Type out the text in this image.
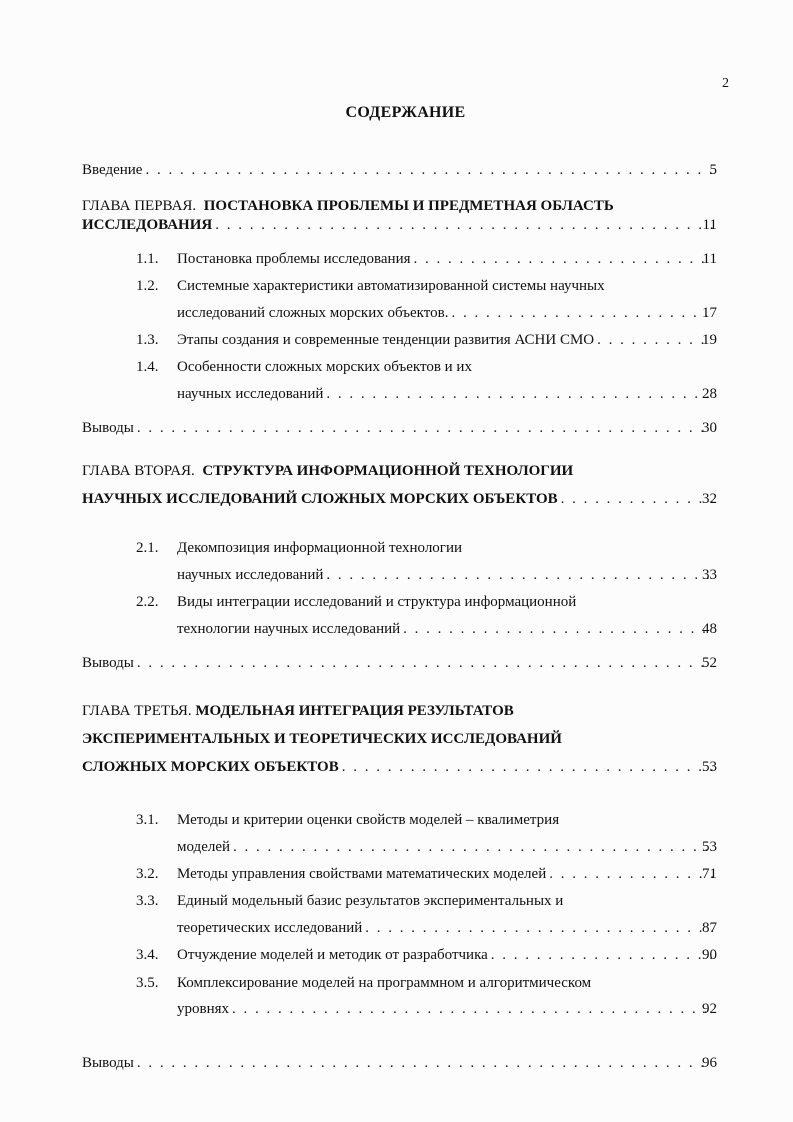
2
СОДЕРЖАНИЕ
Введение . . .	5
ГЛАВА ПЕРВАЯ. ПОСТАНОВКА ПРОБЛЕМЫ И ПРЕДМЕТНАЯ ОБЛАСТЬ
ИССЛЕДОВАНИЯ . . .	11
1.1. Постановка проблемы исследования . . .	11
1.2. Системные характеристики автоматизированной системы научных
исследований сложных морских объектов. . . .	17
1.3. Этапы создания и современные тенденции развития АСНИ СМО . . .	19
1.4. Особенности сложных морских объектов и их
научных исследований . . .	28
Выводы . . .	30
ГЛАВА ВТОРАЯ. СТРУКТУРА ИНФОРМАЦИОННОЙ ТЕХНОЛОГИИ
НАУЧНЫХ ИССЛЕДОВАНИЙ СЛОЖНЫХ МОРСКИХ ОБЪЕКТОВ . . .	32
2.1. Декомпозиция информационной технологии
научных исследований . . .	33
2.2. Виды интеграции исследований и структура информационной
технологии научных исследований . . .	48
Выводы . . .	52
ГЛАВА ТРЕТЬЯ. МОДЕЛЬНАЯ ИНТЕГРАЦИЯ РЕЗУЛЬТАТОВ
ЭКСПЕРИМЕНТАЛЬНЫХ И ТЕОРЕТИЧЕСКИХ ИССЛЕДОВАНИЙ
СЛОЖНЫХ МОРСКИХ ОБЪЕКТОВ . . .	53
3.1. Методы и критерии оценки свойств моделей – квалиметрия
моделей . . .	53
3.2. Методы управления свойствами математических моделей . . .	71
3.3. Единый модельный базис результатов экспериментальных и
теоретических исследований . . .	87
3.4. Отчуждение моделей и методик от разработчика . . .	90
3.5. Комплексирование моделей на программном и алгоритмическом
уровнях . . .	92
Выводы . . .	96
